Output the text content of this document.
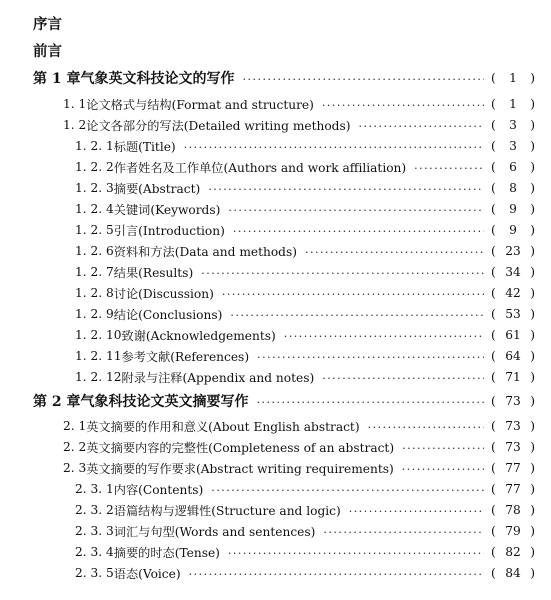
序言
前言
第 1 章 气象英文科技论文的写作 ·····	(	1	)
1. 1 论文格式与结构(Format and structure) ·····	(	1	)
1. 2 论文各部分的写法(Detailed writing methods) ·····	(	3	)
1. 2. 1 标题(Title) ·····	(	3	)
1. 2. 2 作者姓名及工作单位(Authors and work affiliation) ·····	(	6	)
1. 2. 3 摘要(Abstract) ·····	(	8	)
1. 2. 4 关键词(Keywords) ·····	(	9	)
1. 2. 5 引言(Introduction) ·····	(	9	)
1. 2. 6 资料和方法(Data and methods) ·····	( 23 )
1. 2. 7 结果(Results) ·····	( 34 )
1. 2. 8 讨论(Discussion) ·····	( 42 )
1. 2. 9 结论(Conclusions) ·····	( 53 )
1. 2. 10 致谢(Acknowledgements) ·····	( 61 )
1. 2. 11 参考文献(References) ·····	( 64 )
1. 2. 12 附录与注释(Appendix and notes) ·····	( 71 )
第 2 章 气象科技论文英文摘要写作 ·····	( 73 )
2. 1 英文摘要的作用和意义(About English abstract) ·····	( 73 )
2. 2 英文摘要内容的完整性(Completeness of an abstract) ·····	( 73 )
2. 3 英文摘要的写作要求(Abstract writing requirements) ·····	( 77 )
2. 3. 1 内容(Contents) ·····	( 77 )
2. 3. 2 语篇结构与逻辑性(Structure and logic) ·····	( 78 )
2. 3. 3 词汇与句型(Words and sentences) ·····	( 79 )
2. 3. 4 摘要的时态(Tense) ·····	( 82 )
2. 3. 5 语态(Voice) ·····	( 84 )
